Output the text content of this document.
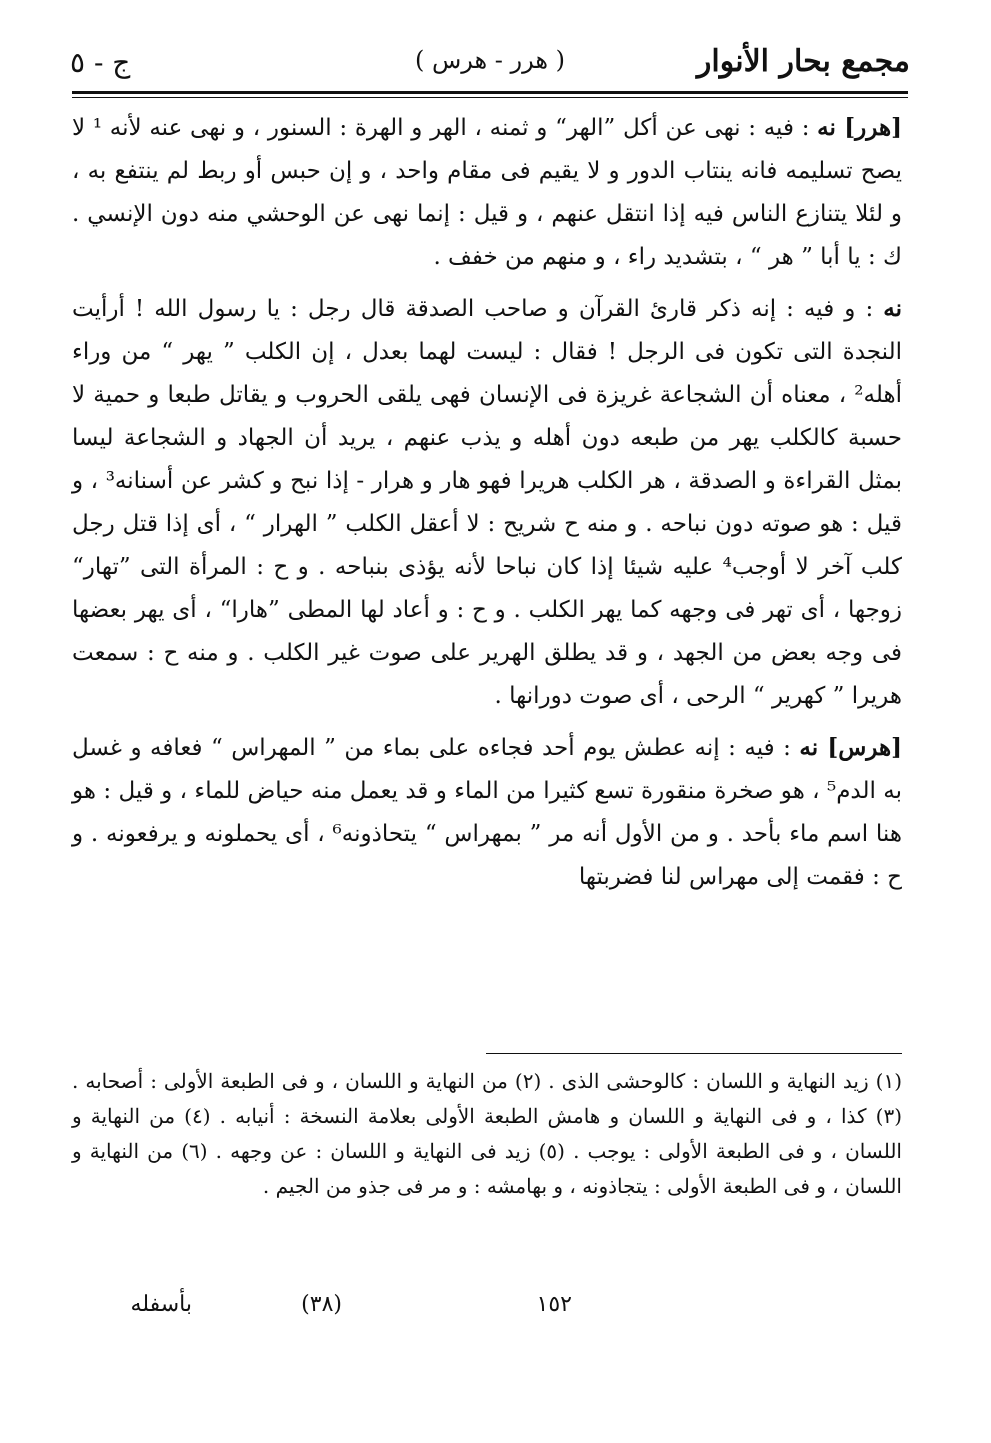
مجمع بحار الأنوار
( هرر - هرس )
ج - ٥

[هرر] نه : فيه : نهى عن أكل ”الهر“ و ثمنه ، الهر و الهرة : السنور ، و نهى عنه لأنه ¹ لا يصح تسليمه فانه ينتاب الدور و لا يقيم فى مقام واحد ، و إن حبس أو ربط لم ينتفع به ، و لئلا يتنازع الناس فيه إذا انتقل عنهم ، و قيل : إنما نهى عن الوحشي منه دون الإنسي . ك : يا أبا ” هر “ ، بتشديد راء ، و منهم من خفف .

نه : و فيه : إنه ذكر قارئ القرآن و صاحب الصدقة قال رجل : يا رسول الله ! أرأيت النجدة التى تكون فى الرجل ! فقال : ليست لهما بعدل ، إن الكلب ” يهر “ من وراء أهله² ، معناه أن الشجاعة غريزة فى الإنسان فهى يلقى الحروب و يقاتل طبعا و حمية لا حسبة كالكلب يهر من طبعه دون أهله و يذب عنهم ، يريد أن الجهاد و الشجاعة ليسا بمثل القراءة و الصدقة ، هر الكلب هريرا فهو هار و هرار - إذا نبح و كشر عن أسنانه³ ، و قيل : هو صوته دون نباحه . و منه ح شريح : لا أعقل الكلب ” الهرار “ ، أى إذا قتل رجل كلب آخر لا أوجب⁴ عليه شيئا إذا كان نباحا لأنه يؤذى بنباحه . و ح : المرأة التى ”تهار“ زوجها ، أى تهر فى وجهه كما يهر الكلب . و ح : و أعاد لها المطى ”هارا“ ، أى يهر بعضها فى وجه بعض من الجهد ، و قد يطلق الهرير على صوت غير الكلب . و منه ح : سمعت هريرا ” كهرير “ الرحى ، أى صوت دورانها .

[هرس] نه : فيه : إنه عطش يوم أحد فجاءه على بماء من ” المهراس “ فعافه و غسل به الدم⁵ ، هو صخرة منقورة تسع كثيرا من الماء و قد يعمل منه حياض للماء ، و قيل : هو هنا اسم ماء بأحد . و من الأول أنه مر ” بمهراس “ يتحاذونه⁶ ، أى يحملونه و يرفعونه . و ح : فقمت إلى مهراس لنا فضربتها

(١) زيد النهاية و اللسان : كالوحشى الذى . (٢) من النهاية و اللسان ، و فى الطبعة الأولى : أصحابه . (٣) كذا ، و فى النهاية و اللسان و هامش الطبعة الأولى بعلامة النسخة : أنيابه . (٤) من النهاية و اللسان ، و فى الطبعة الأولى : يوجب . (٥) زيد فى النهاية و اللسان : عن وجهه . (٦) من النهاية و اللسان ، و فى الطبعة الأولى : يتجاذونه ، و بهامشه : و مر فى جذو من الجيم .

١٥٢
(٣٨)
بأسفله
